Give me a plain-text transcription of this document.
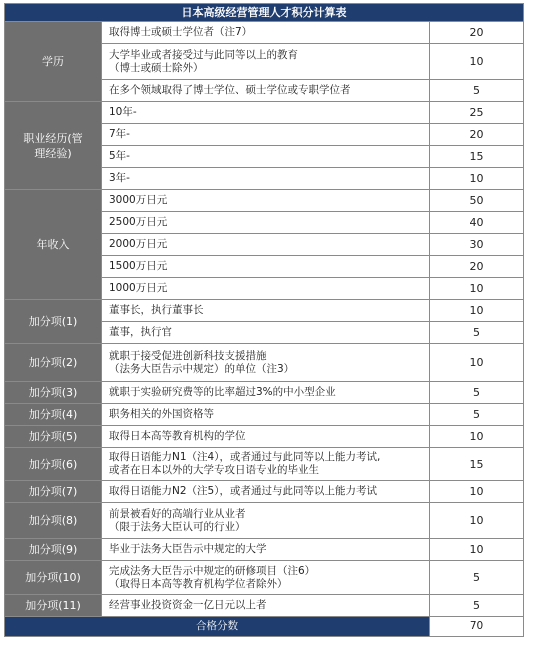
日本高级经营管理人才积分计算表		
学历	取得博士或硕士学位者（注7）	20
	大学毕业或者接受过与此同等以上的教育
（博士或硕士除外）	10
	在多个领域取得了博士学位、硕士学位或专职学位者	5
职业经历(管
理经验)	10年-	25
	7年-	20
	5年-	15
	3年-	10
年收入	3000万日元	50
	2500万日元	40
	2000万日元	30
	1500万日元	20
	1000万日元	10
加分项(1)	董事长，执行董事长	10
	董事，执行官	5
加分项(2)	就职于接受促进创新科技支援措施
（法务大臣告示中规定）的单位（注3）	10
加分项(3)	就职于实验研究费等的比率超过3%的中小型企业	5
加分项(4)	职务相关的外国资格等	5
加分项(5)	取得日本高等教育机构的学位	10
加分项(6)	取得日语能力N1（注4），或者通过与此同等以上能力考试,
或者在日本以外的大学专攻日语专业的毕业生	15
加分项(7)	取得日语能力N2（注5），或者通过与此同等以上能力考试	10
加分项(8)	前景被看好的高端行业从业者
（限于法务大臣认可的行业）	10
加分项(9)	毕业于法务大臣告示中规定的大学	10
加分项(10)	完成法务大臣告示中规定的研修项目（注6）
（取得日本高等教育机构学位者除外）	5
加分项(11)	经营事业投资资金一亿日元以上者	5
合格分数		70
